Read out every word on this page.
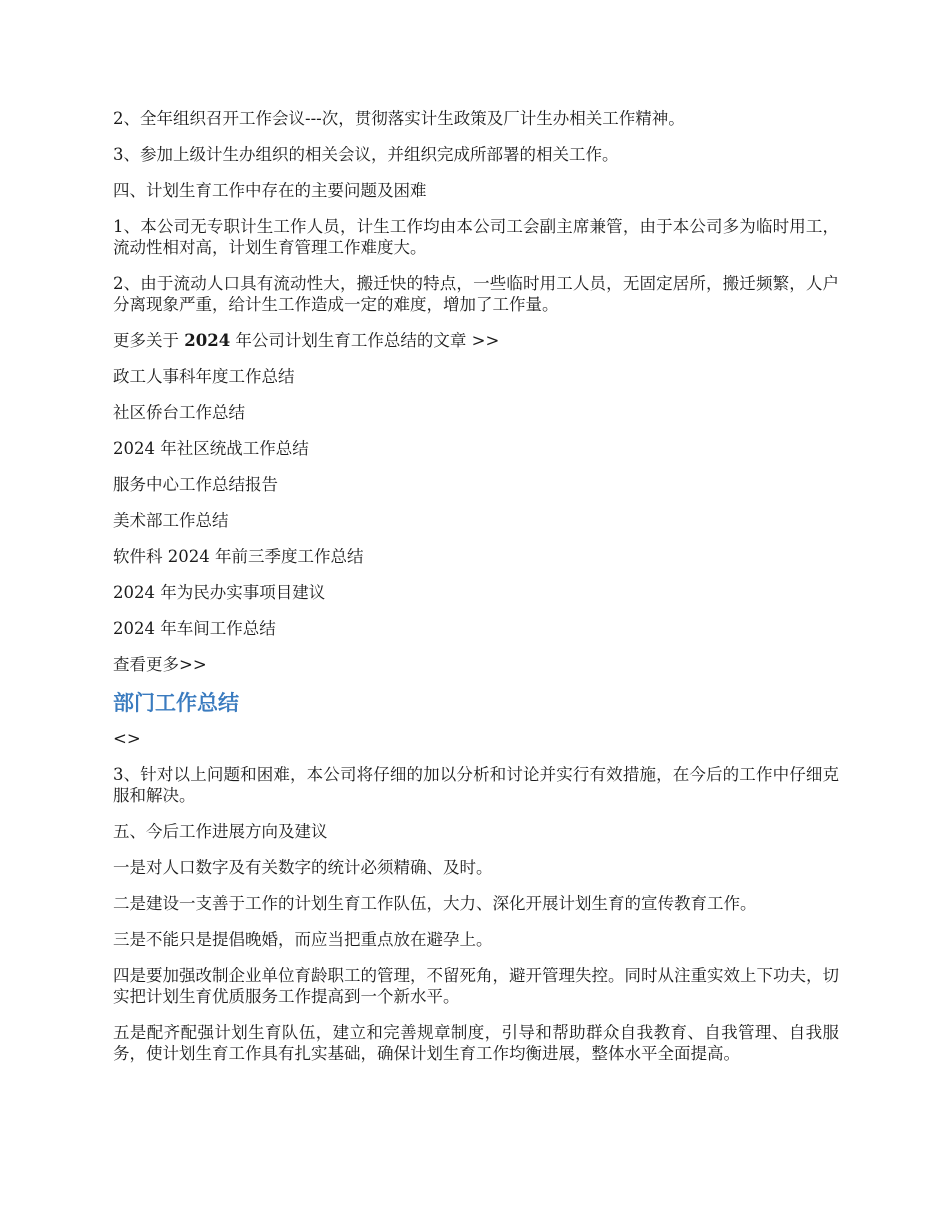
2、全年组织召开工作会议---次，贯彻落实计生政策及厂计生办相关工作精神。

3、参加上级计生办组织的相关会议，并组织完成所部署的相关工作。

四、计划生育工作中存在的主要问题及困难

1、本公司无专职计生工作人员，计生工作均由本公司工会副主席兼管，由于本公司多为临时用工，流动性相对高，计划生育管理工作难度大。

2、由于流动人口具有流动性大，搬迁快的特点，一些临时用工人员，无固定居所，搬迁频繁，人户分离现象严重，给计生工作造成一定的难度，增加了工作量。

更多关于 2024 年公司计划生育工作总结的文章 >>

政工人事科年度工作总结

社区侨台工作总结

2024 年社区统战工作总结

服务中心工作总结报告

美术部工作总结

软件科 2024 年前三季度工作总结

2024 年为民办实事项目建议

2024 年车间工作总结

查看更多>>

部门工作总结

<>

3、针对以上问题和困难，本公司将仔细的加以分析和讨论并实行有效措施，在今后的工作中仔细克服和解决。

五、今后工作进展方向及建议

一是对人口数字及有关数字的统计必须精确、及时。

二是建设一支善于工作的计划生育工作队伍，大力、深化开展计划生育的宣传教育工作。

三是不能只是提倡晚婚，而应当把重点放在避孕上。

四是要加强改制企业单位育龄职工的管理，不留死角，避开管理失控。同时从注重实效上下功夫，切实把计划生育优质服务工作提高到一个新水平。

五是配齐配强计划生育队伍，建立和完善规章制度，引导和帮助群众自我教育、自我管理、自我服务，使计划生育工作具有扎实基础，确保计划生育工作均衡进展，整体水平全面提高。
